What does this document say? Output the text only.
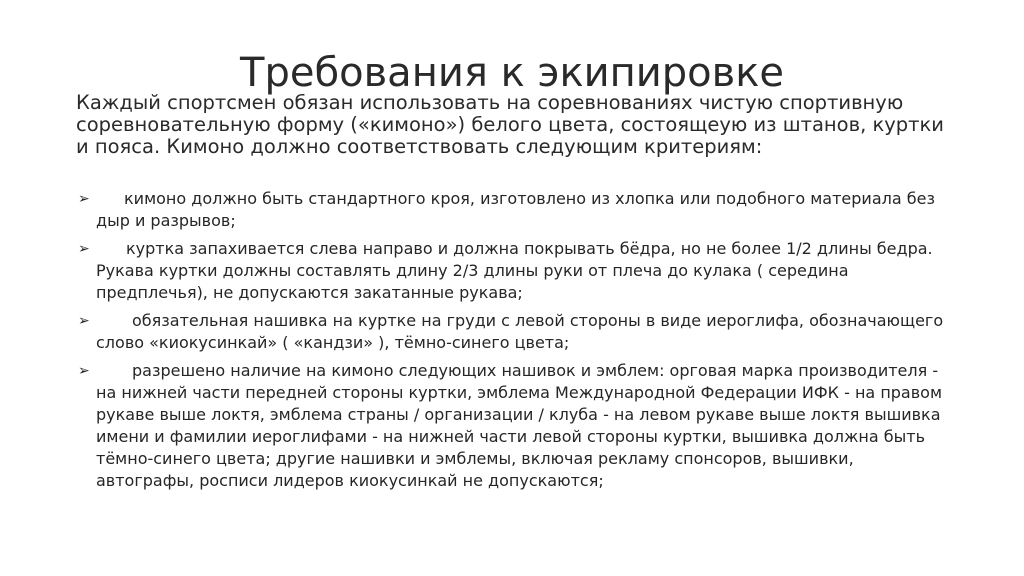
Требования к экипировке

Каждый спортсмен обязан использовать на соревнованиях чистую спортивную соревновательную форму («кимоно») белого цвета, состоящеую из штанов, куртки и пояса. Кимоно должно соответствовать следующим критериям:

➢	кимоно должно быть стандартного кроя, изготовлено из хлопка или подобного материала без дыр и разрывов;
➢	куртка запахивается слева направо и должна покрывать бёдра, но не более 1/2 длины бедра. Рукава куртки должны составлять длину 2/3 длины руки от плеча до кулака ( середина предплечья), не допускаются закатанные рукава;
➢	обязательная нашивка на куртке на груди с левой стороны в виде иероглифа, обозначающего слово «киокусинкай» ( «кандзи» ), тёмно-синего цвета;
➢	разрешено наличие на кимоно следующих нашивок и эмблем: орговая марка производителя - на нижней части передней стороны куртки, эмблема Международной Федерации ИФК - на правом рукаве выше локтя, эмблема страны / организации / клуба - на левом рукаве выше локтя вышивка имени и фамилии иероглифами - на нижней части левой стороны куртки, вышивка должна быть тёмно-синего цвета; другие нашивки и эмблемы, включая рекламу спонсоров, вышивки, автографы, росписи лидеров киокусинкай не допускаются;
